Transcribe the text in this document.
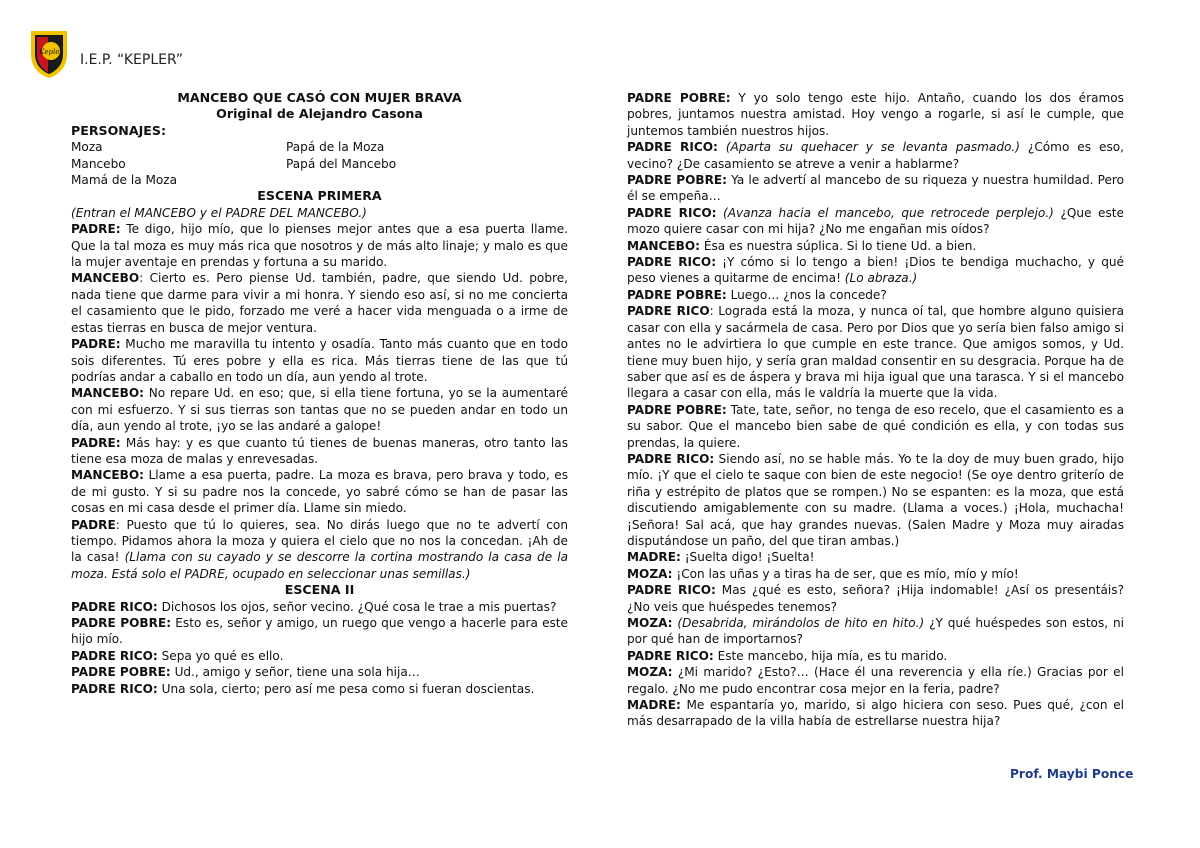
Kepler I.E.P. “KEPLER”
MANCEBO QUE CASÓ CON MUJER BRAVA
Original de Alejandro Casona
PERSONAJES:
Moza	Papá de la Moza
Mancebo	Papá del Mancebo
Mamá de la Moza
ESCENA PRIMERA

(Entran el MANCEBO y el PADRE DEL MANCEBO.)

PADRE: Te digo, hijo mío, que lo pienses mejor antes que a esa puerta llame. Que la tal moza es muy más rica que nosotros y de más alto linaje; y malo es que la mujer aventaje en prendas y fortuna a su marido.

MANCEBO: Cierto es. Pero piense Ud. también, padre, que siendo Ud. pobre, nada tiene que darme para vivir a mi honra. Y siendo eso así, si no me concierta el casamiento que le pido, forzado me veré a hacer vida menguada o a irme de estas tierras en busca de mejor ventura.

PADRE: Mucho me maravilla tu intento y osadía. Tanto más cuanto que en todo sois diferentes. Tú eres pobre y ella es rica. Más tierras tiene de las que tú podrías andar a caballo en todo un día, aun yendo al trote.

MANCEBO: No repare Ud. en eso; que, si ella tiene fortuna, yo se la aumentaré con mi esfuerzo. Y si sus tierras son tantas que no se pueden andar en todo un día, aun yendo al trote, ¡yo se las andaré a galope!

PADRE: Más hay: y es que cuanto tú tienes de buenas maneras, otro tanto las tiene esa moza de malas y enrevesadas.

MANCEBO: Llame a esa puerta, padre. La moza es brava, pero brava y todo, es de mi gusto. Y si su padre nos la concede, yo sabré cómo se han de pasar las cosas en mi casa desde el primer día. Llame sin miedo.

PADRE: Puesto que tú lo quieres, sea. No dirás luego que no te advertí con tiempo. Pidamos ahora la moza y quiera el cielo que no nos la concedan. ¡Ah de la casa! (Llama con su cayado y se descorre la cortina mostrando la casa de la moza. Está solo el PADRE, ocupado en seleccionar unas semillas.)

ESCENA II

PADRE RICO: Dichosos los ojos, señor vecino. ¿Qué cosa le trae a mis puertas?

PADRE POBRE: Esto es, señor y amigo, un ruego que vengo a hacerle para este hijo mío.

PADRE RICO: Sepa yo qué es ello.

PADRE POBRE: Ud., amigo y señor, tiene una sola hija…

PADRE RICO: Una sola, cierto; pero así me pesa como si fueran doscientas.

PADRE POBRE: Y yo solo tengo este hijo. Antaño, cuando los dos éramos pobres, juntamos nuestra amistad. Hoy vengo a rogarle, si así le cumple, que juntemos también nuestros hijos.

PADRE RICO: (Aparta su quehacer y se levanta pasmado.) ¿Cómo es eso, vecino? ¿De casamiento se atreve a venir a hablarme?

PADRE POBRE: Ya le advertí al mancebo de su riqueza y nuestra humildad. Pero él se empeña…

PADRE RICO: (Avanza hacia el mancebo, que retrocede perplejo.) ¿Que este mozo quiere casar con mi hija? ¿No me engañan mis oídos?

MANCEBO: Ésa es nuestra súplica. Si lo tiene Ud. a bien.

PADRE RICO: ¡Y cómo si lo tengo a bien! ¡Dios te bendiga muchacho, y qué peso vienes a quitarme de encima! (Lo abraza.)

PADRE POBRE: Luego… ¿nos la concede?

PADRE RICO: Lograda está la moza, y nunca oí tal, que hombre alguno quisiera casar con ella y sacármela de casa. Pero por Dios que yo sería bien falso amigo si antes no le advirtiera lo que cumple en este trance. Que amigos somos, y Ud. tiene muy buen hijo, y sería gran maldad consentir en su desgracia. Porque ha de saber que así es de áspera y brava mi hija igual que una tarasca. Y si el mancebo llegara a casar con ella, más le valdría la muerte que la vida.

PADRE POBRE: Tate, tate, señor, no tenga de eso recelo, que el casamiento es a su sabor. Que el mancebo bien sabe de qué condición es ella, y con todas sus prendas, la quiere.

PADRE RICO: Siendo así, no se hable más. Yo te la doy de muy buen grado, hijo mío. ¡Y que el cielo te saque con bien de este negocio! (Se oye dentro griterío de riña y estrépito de platos que se rompen.) No se espanten: es la moza, que está discutiendo amigablemente con su madre. (Llama a voces.) ¡Hola, muchacha! ¡Señora! Sal acá, que hay grandes nuevas. (Salen Madre y Moza muy airadas disputándose un paño, del que tiran ambas.)

MADRE: ¡Suelta digo! ¡Suelta!

MOZA: ¡Con las uñas y a tiras ha de ser, que es mío, mío y mío!

PADRE RICO: Mas ¿qué es esto, señora? ¡Hija indomable! ¿Así os presentáis? ¿No veis que huéspedes tenemos?

MOZA: (Desabrida, mirándolos de hito en hito.) ¿Y qué huéspedes son estos, ni por qué han de importarnos?

PADRE RICO: Este mancebo, hija mía, es tu marido.

MOZA: ¿Mi marido? ¿Esto?… (Hace él una reverencia y ella ríe.) Gracias por el regalo. ¿No me pudo encontrar cosa mejor en la feria, padre?

MADRE: Me espantaría yo, marido, si algo hiciera con seso. Pues qué, ¿con el más desarrapado de la villa había de estrellarse nuestra hija?

Prof. Maybi Ponce
